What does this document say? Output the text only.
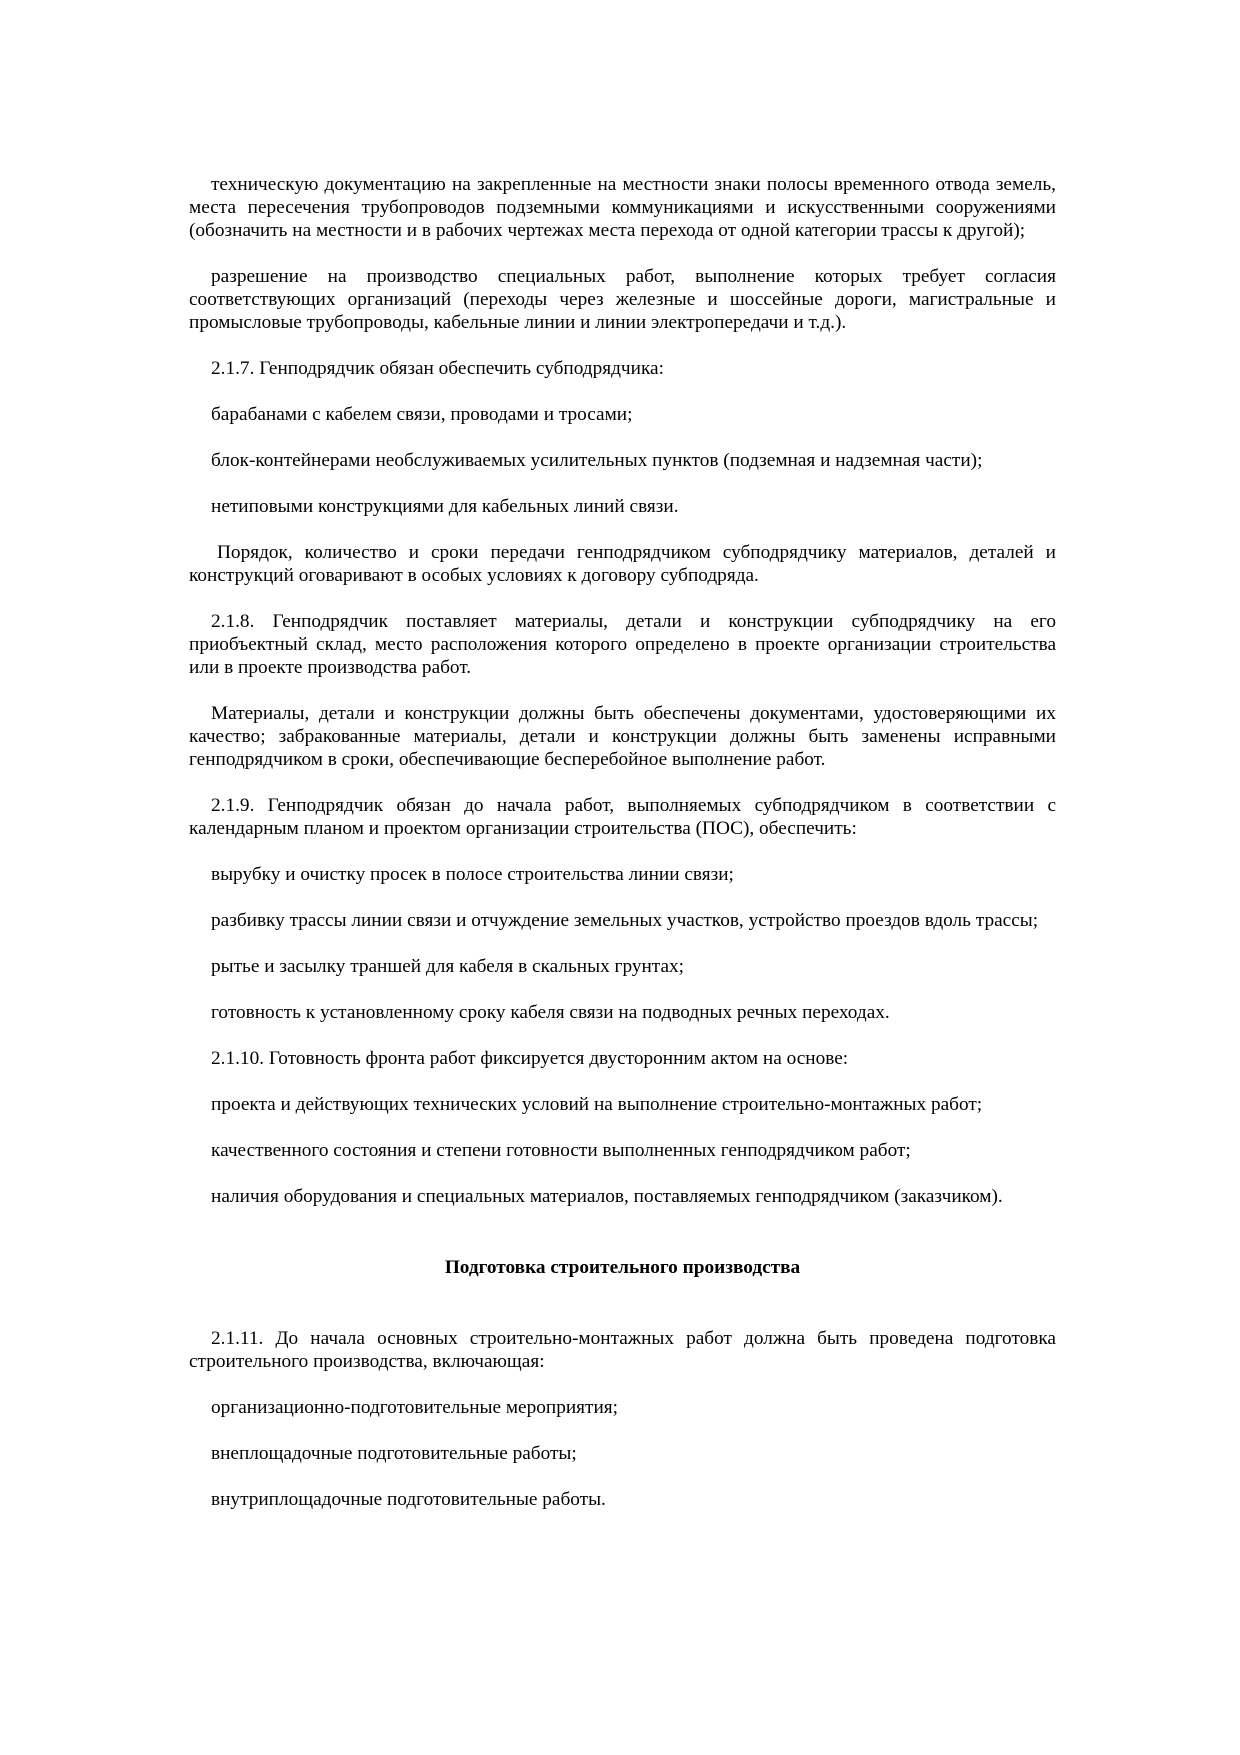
техническую документацию на закрепленные на местности знаки полосы временного отвода земель, места пересечения трубопроводов подземными коммуникациями и искусственными сооружениями (обозначить на местности и в рабочих чертежах места перехода от одной категории трассы к другой);

разрешение на производство специальных работ, выполнение которых требует согласия соответствующих организаций (переходы через железные и шоссейные дороги, магистральные и промысловые трубопроводы, кабельные линии и линии электропередачи и т.д.).

2.1.7. Генподрядчик обязан обеспечить субподрядчика:

барабанами с кабелем связи, проводами и тросами;

блок-контейнерами необслуживаемых усилительных пунктов (подземная и надземная части);

нетиповыми конструкциями для кабельных линий связи.

Порядок, количество и сроки передачи генподрядчиком субподрядчику материалов, деталей и конструкций оговаривают в особых условиях к договору субподряда.

2.1.8. Генподрядчик поставляет материалы, детали и конструкции субподрядчику на его приобъектный склад, место расположения которого определено в проекте организации строительства или в проекте производства работ.

Материалы, детали и конструкции должны быть обеспечены документами, удостоверяющими их качество; забракованные материалы, детали и конструкции должны быть заменены исправными генподрядчиком в сроки, обеспечивающие бесперебойное выполнение работ.

2.1.9. Генподрядчик обязан до начала работ, выполняемых субподрядчиком в соответствии с календарным планом и проектом организации строительства (ПОС), обеспечить:

вырубку и очистку просек в полосе строительства линии связи;

разбивку трассы линии связи и отчуждение земельных участков, устройство проездов вдоль трассы;

рытье и засылку траншей для кабеля в скальных грунтах;

готовность к установленному сроку кабеля связи на подводных речных переходах.

2.1.10. Готовность фронта работ фиксируется двусторонним актом на основе:

проекта и действующих технических условий на выполнение строительно-монтажных работ;

качественного состояния и степени готовности выполненных генподрядчиком работ;

наличия оборудования и специальных материалов, поставляемых генподрядчиком (заказчиком).

Подготовка строительного производства

2.1.11. До начала основных строительно-монтажных работ должна быть проведена подготовка строительного производства, включающая:

организационно-подготовительные мероприятия;

внеплощадочные подготовительные работы;

внутриплощадочные подготовительные работы.
